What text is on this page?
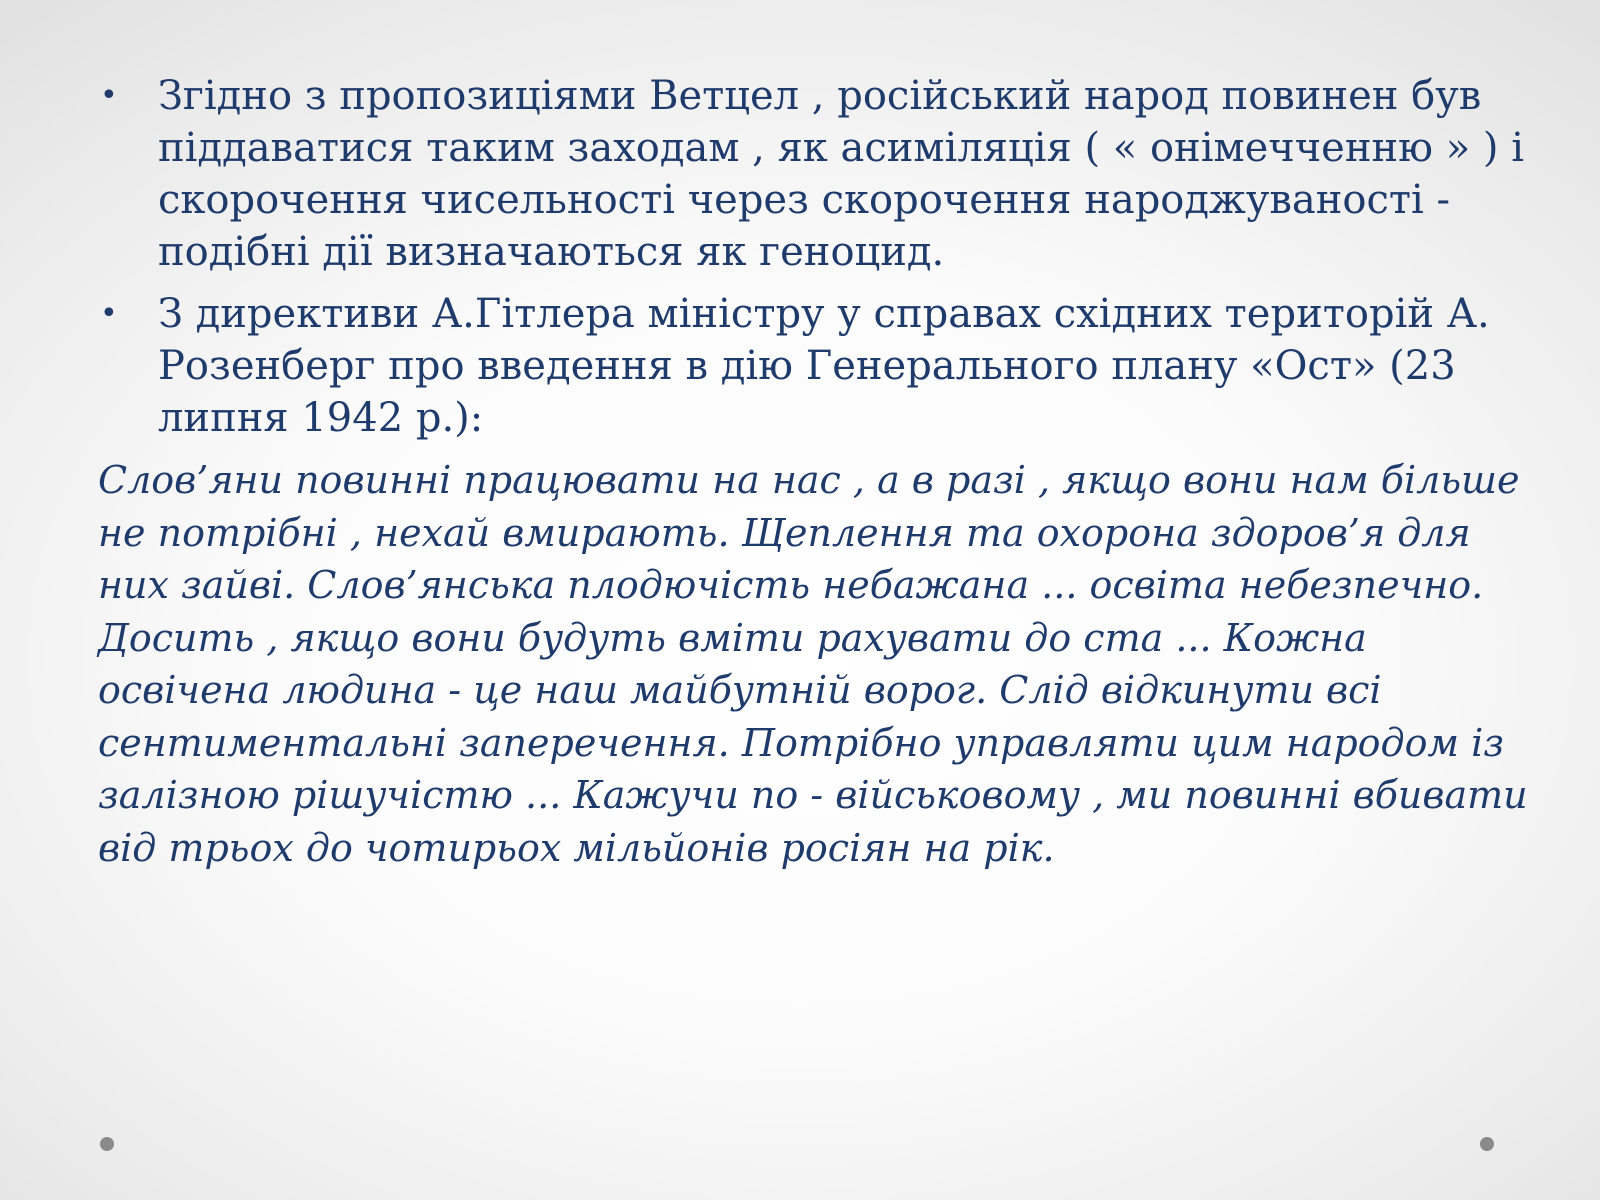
• Згідно з пропозиціями Ветцел , російський народ повинен був піддаватися таким заходам , як асиміляція ( « онімечченню » ) і скорочення чисельності через скорочення народжуваності - подібні дії визначаються як геноцид.
• З директиви А.Гітлера міністру у справах східних територій А. Розенберг про введення в дію Генерального плану «Ост» (23 липня 1942 р.):

Слов’яни повинні працювати на нас , а в разі , якщо вони нам більше не потрібні , нехай вмирають. Щеплення та охорона здоров’я для них зайві. Слов’янська плодючість небажана ... освіта небезпечно. Досить , якщо вони будуть вміти рахувати до ста ... Кожна освічена людина - це наш майбутній ворог. Слід відкинути всі сентиментальні заперечення. Потрібно управляти цим народом із залізною рішучістю ... Кажучи по - військовому , ми повинні вбивати від трьох до чотирьох мільйонів росіян на рік.
